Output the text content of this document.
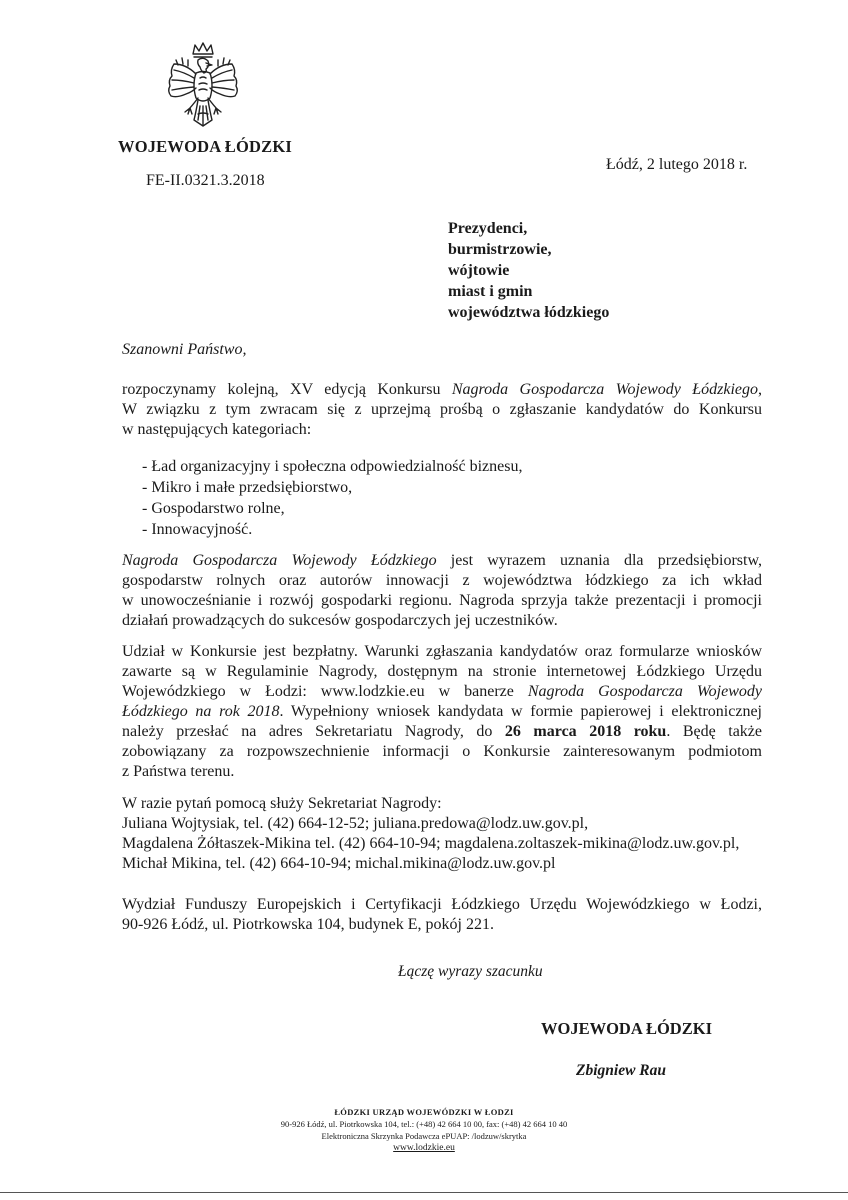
WOJEWODA ŁÓDZKI
FE-II.0321.3.2018
Łódź, 2 lutego 2018 r.
Prezydenci,
burmistrzowie,
wójtowie
miast i gmin
województwa łódzkiego
Szanowni Państwo,
rozpoczynamy kolejną, XV edycją Konkursu Nagroda Gospodarcza Wojewody Łódzkiego,
W związku z tym zwracam się z uprzejmą prośbą o zgłaszanie kandydatów do Konkursu
w następujących kategoriach:
- Ład organizacyjny i społeczna odpowiedzialność biznesu,
- Mikro i małe przedsiębiorstwo,
- Gospodarstwo rolne,
- Innowacyjność.
Nagroda Gospodarcza Wojewody Łódzkiego jest wyrazem uznania dla przedsiębiorstw,
gospodarstw rolnych oraz autorów innowacji z województwa łódzkiego za ich wkład
w unowocześnianie i rozwój gospodarki regionu. Nagroda sprzyja także prezentacji i promocji
działań prowadzących do sukcesów gospodarczych jej uczestników.
Udział w Konkursie jest bezpłatny. Warunki zgłaszania kandydatów oraz formularze wniosków
zawarte są w Regulaminie Nagrody, dostępnym na stronie internetowej Łódzkiego Urzędu
Wojewódzkiego w Łodzi: www.lodzkie.eu w banerze Nagroda Gospodarcza Wojewody
Łódzkiego na rok 2018. Wypełniony wniosek kandydata w formie papierowej i elektronicznej
należy przesłać na adres Sekretariatu Nagrody, do 26 marca 2018 roku. Będę także
zobowiązany za rozpowszechnienie informacji o Konkursie zainteresowanym podmiotom
z Państwa terenu.
W razie pytań pomocą służy Sekretariat Nagrody:
Juliana Wojtysiak, tel. (42) 664-12-52; juliana.predowa@lodz.uw.gov.pl,
Magdalena Żółtaszek-Mikina tel. (42) 664-10-94; magdalena.zoltaszek-mikina@lodz.uw.gov.pl,
Michał Mikina, tel. (42) 664-10-94; michal.mikina@lodz.uw.gov.pl
Wydział Funduszy Europejskich i Certyfikacji Łódzkiego Urzędu Wojewódzkiego w Łodzi,
90-926 Łódź, ul. Piotrkowska 104, budynek E, pokój 221.
Łączę wyrazy szacunku
WOJEWODA ŁÓDZKI
Zbigniew Rau
ŁÓDZKI URZĄD WOJEWÓDZKI W ŁODZI
90-926 Łódź, ul. Piotrkowska 104, tel.: (+48) 42 664 10 00, fax: (+48) 42 664 10 40
Elektroniczna Skrzynka Podawcza ePUAP: /lodzuw/skrytka
www.lodzkie.eu
